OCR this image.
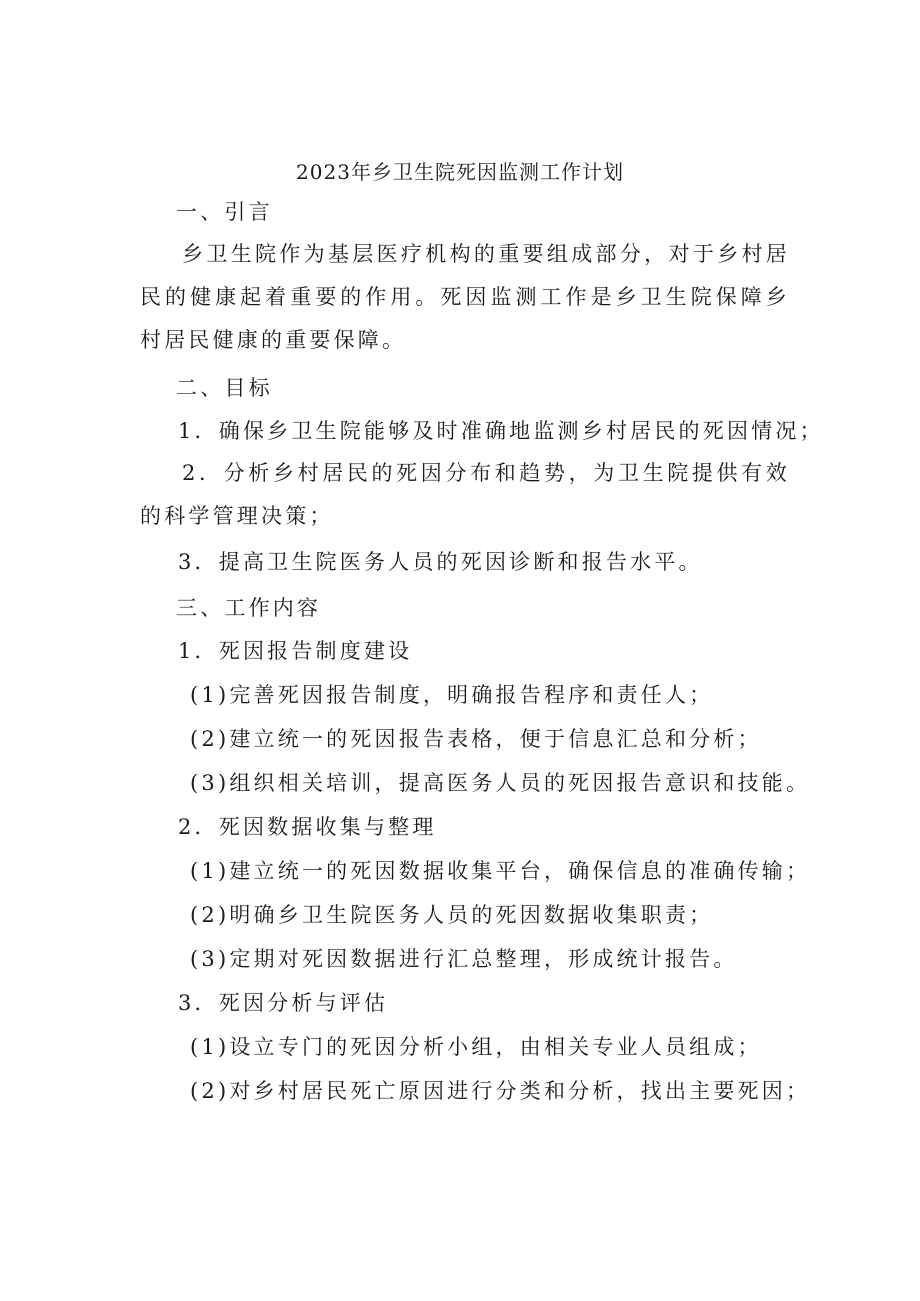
2023年乡卫生院死因监测工作计划
一、引言
乡卫生院作为基层医疗机构的重要组成部分，对于乡村居民的健康起着重要的作用。死因监测工作是乡卫生院保障乡村居民健康的重要保障。
二、目标
1．确保乡卫生院能够及时准确地监测乡村居民的死因情况；
2．分析乡村居民的死因分布和趋势，为卫生院提供有效的科学管理决策；
3．提高卫生院医务人员的死因诊断和报告水平。
三、工作内容
1．死因报告制度建设
(1)完善死因报告制度，明确报告程序和责任人；
(2)建立统一的死因报告表格，便于信息汇总和分析；
(3)组织相关培训，提高医务人员的死因报告意识和技能。
2．死因数据收集与整理
(1)建立统一的死因数据收集平台，确保信息的准确传输；
(2)明确乡卫生院医务人员的死因数据收集职责；
(3)定期对死因数据进行汇总整理，形成统计报告。
3．死因分析与评估
(1)设立专门的死因分析小组，由相关专业人员组成；
(2)对乡村居民死亡原因进行分类和分析，找出主要死因；
